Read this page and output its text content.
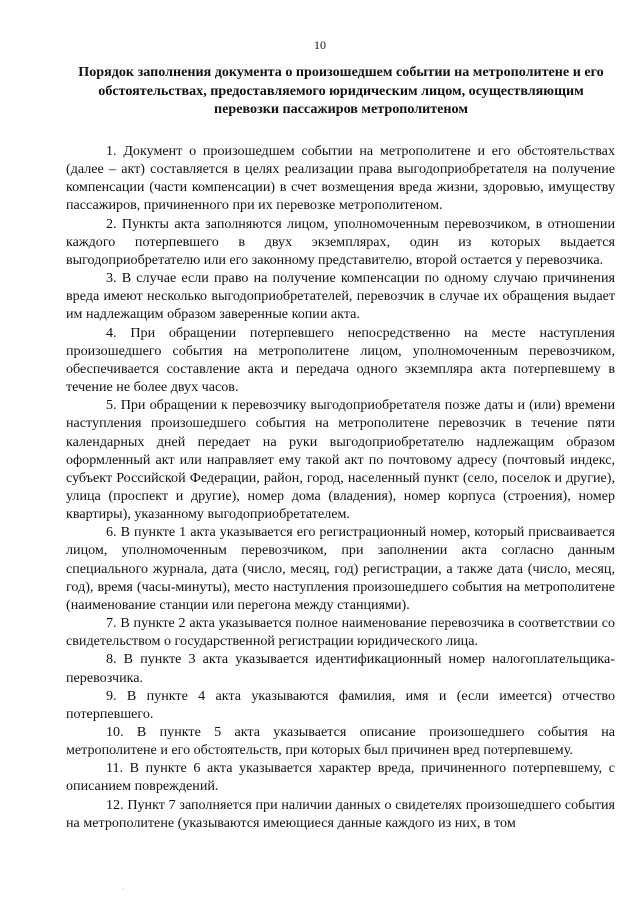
10
Порядок заполнения документа о произошедшем событии на метрополитене и его обстоятельствах, предоставляемого юридическим лицом, осуществляющим перевозки пассажиров метрополитеном

1. Документ о произошедшем событии на метрополитене и его обстоятельствах (далее – акт) составляется в целях реализации права выгодоприобретателя на получение компенсации (части компенсации) в счет возмещения вреда жизни, здоровью, имуществу пассажиров, причиненного при их перевозке метрополитеном.

2. Пункты акта заполняются лицом, уполномоченным перевозчиком, в отношении каждого потерпевшего в двух экземплярах, один из которых выдается выгодоприобретателю или его законному представителю, второй остается у перевозчика.

3. В случае если право на получение компенсации по одному случаю причинения вреда имеют несколько выгодоприобретателей, перевозчик в случае их обращения выдает им надлежащим образом заверенные копии акта.

4. При обращении потерпевшего непосредственно на месте наступления произошедшего события на метрополитене лицом, уполномоченным перевозчиком, обеспечивается составление акта и передача одного экземпляра акта потерпевшему в течение не более двух часов.

5. При обращении к перевозчику выгодоприобретателя позже даты и (или) времени наступления произошедшего события на метрополитене перевозчик в течение пяти календарных дней передает на руки выгодоприобретателю надлежащим образом оформленный акт или направляет ему такой акт по почтовому адресу (почтовый индекс, субъект Российской Федерации, район, город, населенный пункт (село, поселок и другие), улица (проспект и другие), номер дома (владения), номер корпуса (строения), номер квартиры), указанному выгодоприобретателем.

6. В пункте 1 акта указывается его регистрационный номер, который присваивается лицом, уполномоченным перевозчиком, при заполнении акта согласно данным специального журнала, дата (число, месяц, год) регистрации, а также дата (число, месяц, год), время (часы-минуты), место наступления произошедшего события на метрополитене (наименование станции или перегона между станциями).

7. В пункте 2 акта указывается полное наименование перевозчика в соответствии со свидетельством о государственной регистрации юридического лица.

8. В пункте 3 акта указывается идентификационный номер налогоплательщика-перевозчика.

9. В пункте 4 акта указываются фамилия, имя и (если имеется) отчество потерпевшего.

10. В пункте 5 акта указывается описание произошедшего события на метрополитене и его обстоятельств, при которых был причинен вред потерпевшему.

11. В пункте 6 акта указывается характер вреда, причиненного потерпевшему, с описанием повреждений.

12. Пункт 7 заполняется при наличии данных о свидетелях произошедшего события на метрополитене (указываются имеющиеся данные каждого из них, в том

·
